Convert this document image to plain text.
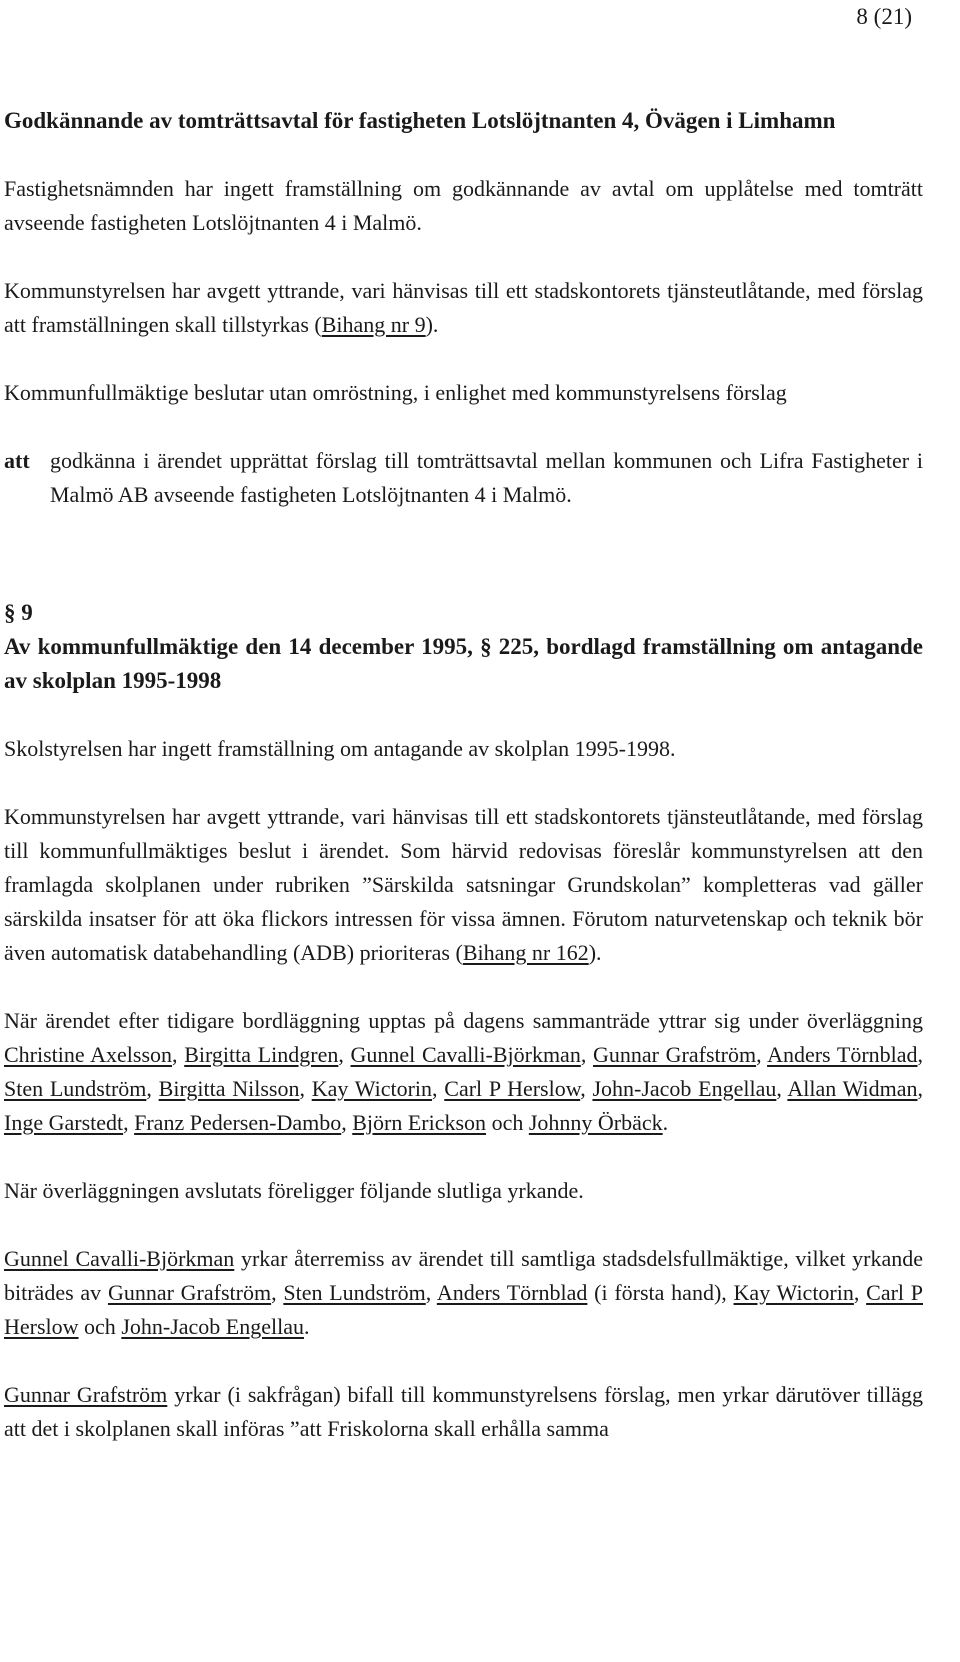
8 (21)

Godkännande av tomträttsavtal för fastigheten Lotslöjtnanten 4, Övägen i Limhamn

Fastighetsnämnden har ingett framställning om godkännande av avtal om upplåtelse med tomträtt avseende fastigheten Lotslöjtnanten 4 i Malmö.

Kommunstyrelsen har avgett yttrande, vari hänvisas till ett stadskontorets tjänsteutlåtande, med förslag att framställningen skall tillstyrkas (Bihang nr 9).

Kommunfullmäktige beslutar utan omröstning, i enlighet med kommunstyrelsens förslag

att godkänna i ärendet upprättat förslag till tomträttsavtal mellan kommunen och Lifra Fastigheter i Malmö AB avseende fastigheten Lotslöjtnanten 4 i Malmö.

§ 9

Av kommunfullmäktige den 14 december 1995, § 225, bordlagd framställning om antagande av skolplan 1995-1998

Skolstyrelsen har ingett framställning om antagande av skolplan 1995-1998.

Kommunstyrelsen har avgett yttrande, vari hänvisas till ett stadskontorets tjänsteutlåtande, med förslag till kommunfullmäktiges beslut i ärendet. Som härvid redovisas föreslår kommunstyrelsen att den framlagda skolplanen under rubriken ”Särskilda satsningar Grundskolan” kompletteras vad gäller särskilda insatser för att öka flickors intressen för vissa ämnen. Förutom naturvetenskap och teknik bör även automatisk databehandling (ADB) prioriteras (Bihang nr 162).

När ärendet efter tidigare bordläggning upptas på dagens sammanträde yttrar sig under överläggning Christine Axelsson, Birgitta Lindgren, Gunnel Cavalli-Björkman, Gunnar Grafström, Anders Törnblad, Sten Lundström, Birgitta Nilsson, Kay Wictorin, Carl P Herslow, John-Jacob Engellau, Allan Widman, Inge Garstedt, Franz Pedersen-Dambo, Björn Erickson och Johnny Örbäck.

När överläggningen avslutats föreligger följande slutliga yrkande.

Gunnel Cavalli-Björkman yrkar återremiss av ärendet till samtliga stadsdelsfullmäktige, vilket yrkande biträdes av Gunnar Grafström, Sten Lundström, Anders Törnblad (i första hand), Kay Wictorin, Carl P Herslow och John-Jacob Engellau.

Gunnar Grafström yrkar (i sakfrågan) bifall till kommunstyrelsens förslag, men yrkar därutöver tillägg att det i skolplanen skall införas ”att Friskolorna skall erhålla samma
